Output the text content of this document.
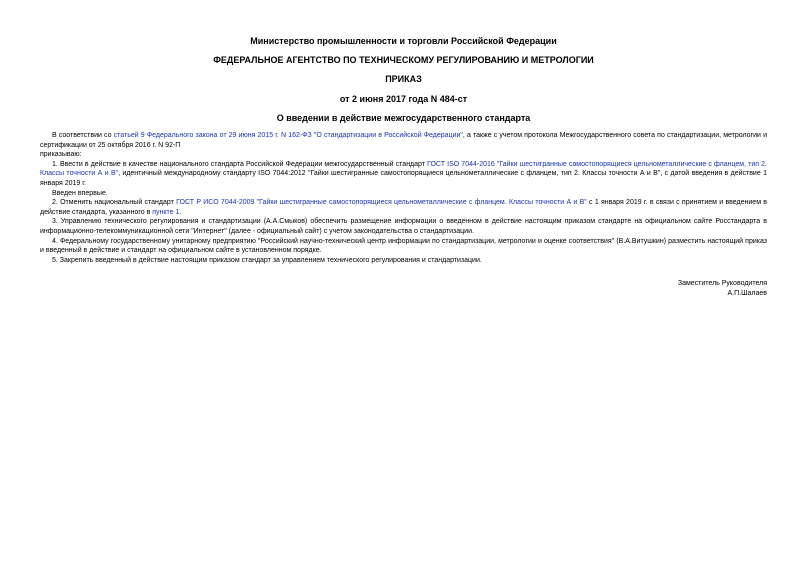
Министерство промышленности и торговли Российской Федерации
ФЕДЕРАЛЬНОЕ АГЕНТСТВО ПО ТЕХНИЧЕСКОМУ РЕГУЛИРОВАНИЮ И МЕТРОЛОГИИ
ПРИКАЗ
от 2 июня 2017 года N 484-ст
О введении в действие межгосударственного стандарта

В соответствии со статьей 9 Федерального закона от 29 июня 2015 г. N 162-ФЗ "О стандартизации в Российской Федерации", а также с учетом протокола Межгосударственного совета по стандартизации, метрологии и сертификации от 25 октября 2016 г. N 92-П

приказываю:

1. Ввести в действие в качестве национального стандарта Российской Федерации межгосударственный стандарт ГОСТ ISO 7044-2016 "Гайки шестигранные самостопорящиеся цельнометаллические с фланцем, тип 2. Классы точности А и В", идентичный международному стандарту ISO 7044:2012 "Гайки шестигранные самостопорящиеся цельнометаллические с фланцем, тип 2. Классы точности А и В", с датой введения в действие 1 января 2019 г.

Введен впервые.

2. Отменить национальный стандарт ГОСТ Р ИСО 7044-2009 "Гайки шестигранные самостопорящиеся цельнометаллические с фланцем. Классы точности А и В" с 1 января 2019 г. в связи с принятием и введением в действие стандарта, указанного в пункте 1.

3. Управлению технического регулирования и стандартизации (А.А.Смыков) обеспечить размещение информации о введенном в действие настоящим приказом стандарте на официальном сайте Росстандарта в информационно-телекоммуникационной сети "Интернет" (далее - официальный сайт) с учетом законодательства о стандартизации.

4. Федеральному государственному унитарному предприятию "Российский научно-технический центр информации по стандартизации, метрологии и оценке соответствия" (В.А.Витушкин) разместить настоящий приказ и введенный в действие и стандарт на официальном сайте в установленном порядке.

5. Закрепить введенный в действие настоящим приказом стандарт за управлением технического регулирования и стандартизации.

Заместитель Руководителя
А.П.Шалаев
